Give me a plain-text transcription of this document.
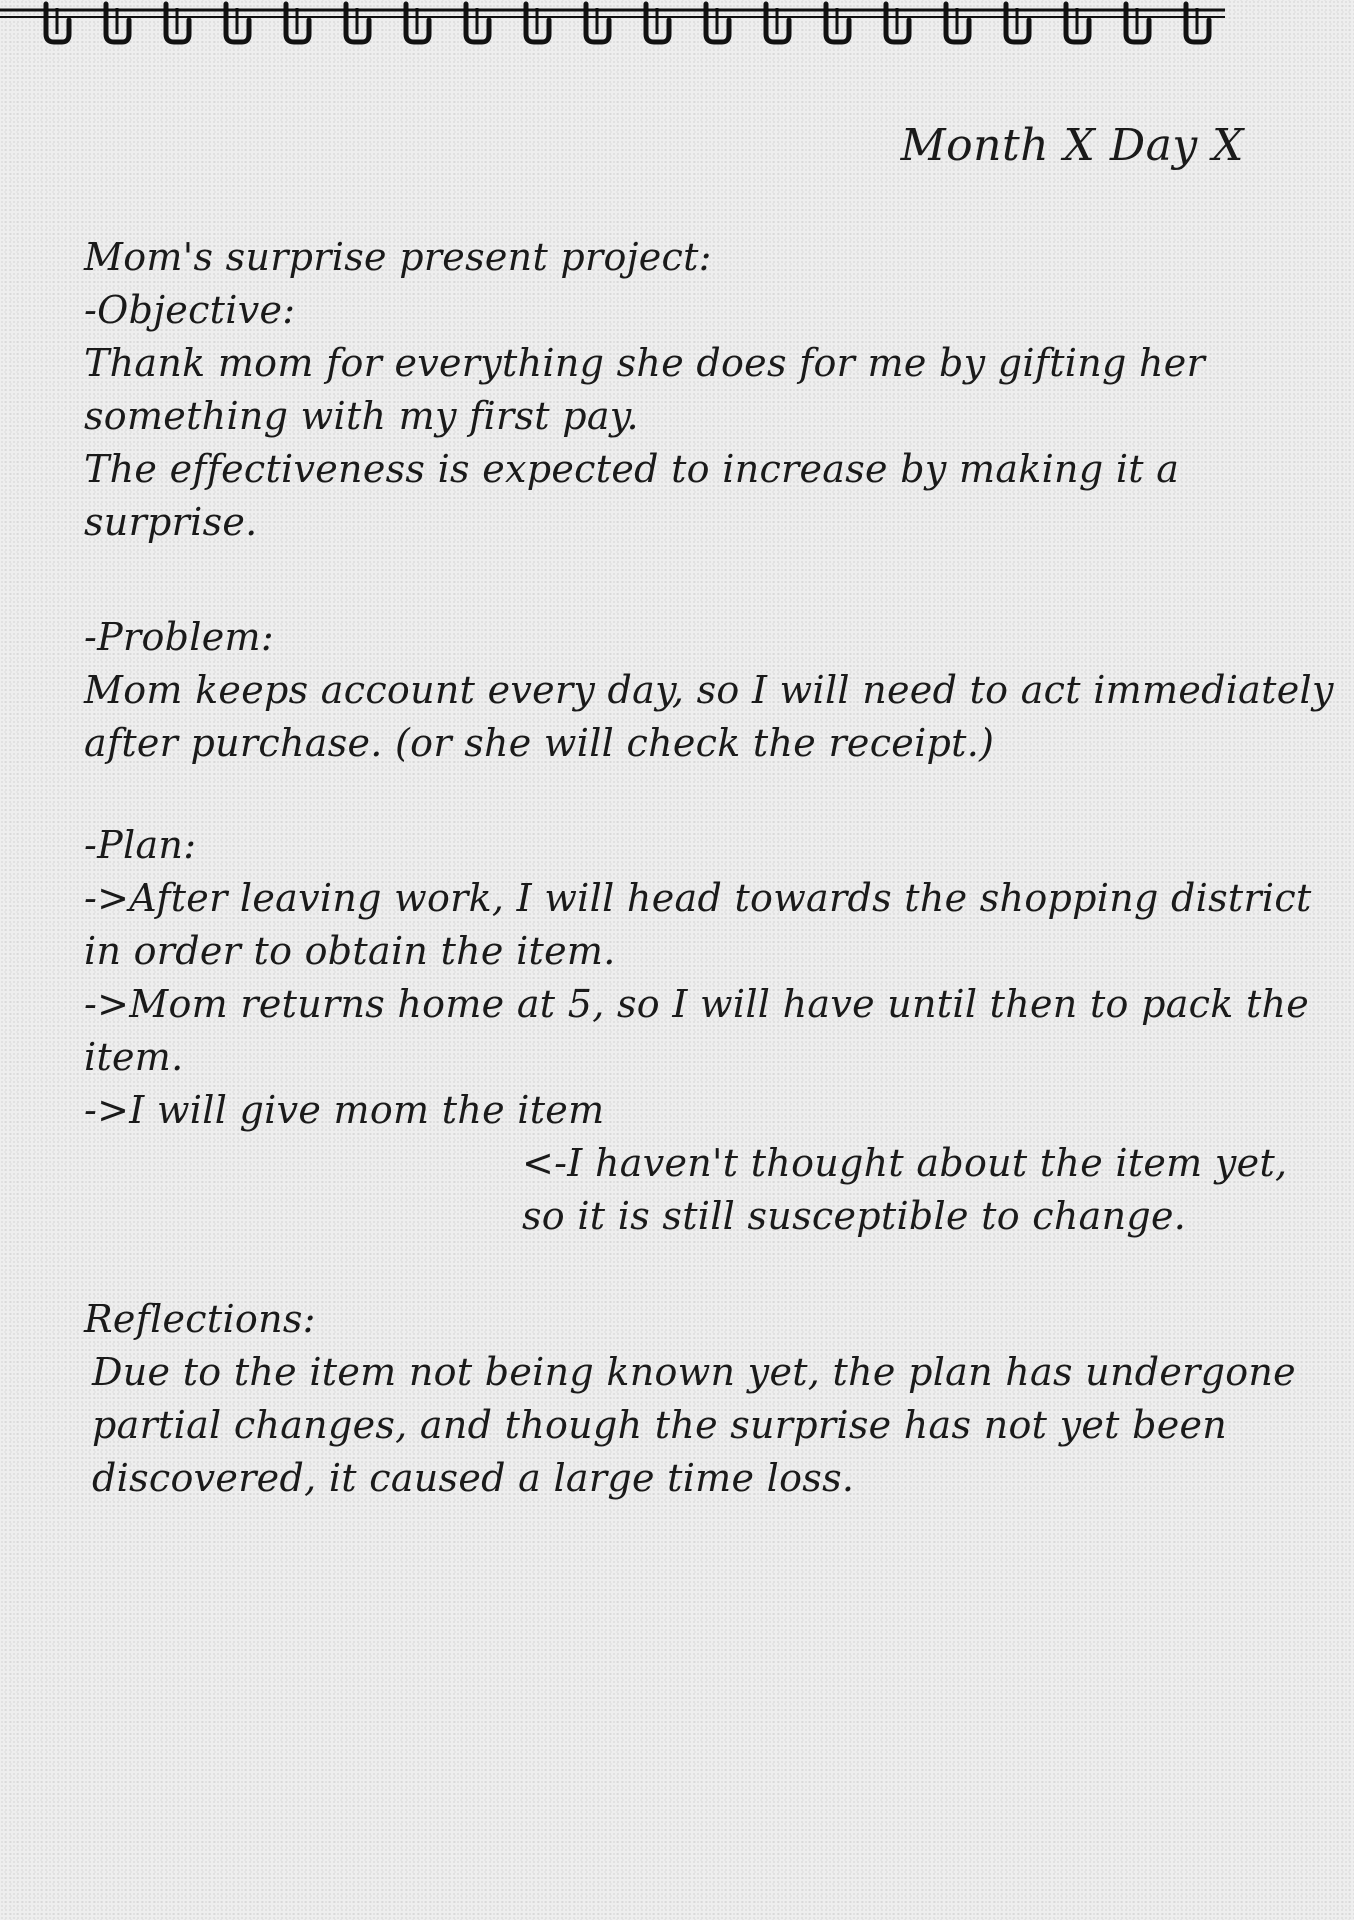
Month X Day X
Mom's surprise present project:
-Objective:
Thank mom for everything she does for me by gifting her
something with my first pay.
The effectiveness is expected to increase by making it a
surprise.
-Problem:
Mom keeps account every day, so I will need to act immediately
after purchase. (or she will check the receipt.)
-Plan:
->After leaving work, I will head towards the shopping district
in order to obtain the item.
->Mom returns home at 5, so I will have until then to pack the
item.
->I will give mom the item
<-I haven't thought about the item yet,
so it is still susceptible to change.
Reflections:
Due to the item not being known yet, the plan has undergone
partial changes, and though the surprise has not yet been
discovered, it caused a large time loss.
